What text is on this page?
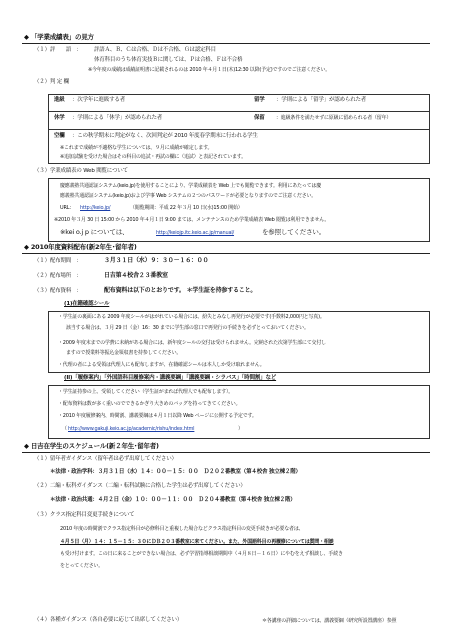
◆ 「学業成績表」の見方
（１）評　　語　： 評語Ａ、Ｂ、Ｃは合格、Ｄは不合格、Ｇは認定科目
体育科目のうち体育実技Ｂに関しては、Ｐは合格、Ｆは不合格
※今年度の成績は成績証明書に記載されるのは 2010 年４月１日(木)12:30 以降(予定)ですのでご注意ください。
（２）判 定 欄
進級 ：次学年に進級する者	留学 ：学則による「留学」が認められた者
休学 ：学則による「休学」が認められた者	保留 ：進級条件を満たせずに原級に留められる者（留年）
空欄 ：この秋学期末に判定がなく、次回判定が 2010 年度春学期末に行われる学生
※これまで成績が不適格な学生については、９月に成績が確定します。
※追加試験を受けた場合はその科目の追試・再試の欄に（追試）と表記されています。
（３）学業成績表の Web 閲覧について
慶應義塾共通認証システム(keio.jp)を使用することにより、学業成績表を Web 上でも閲覧できます。利用にあたっては慶
應義塾共通認証システム(keio.jp)および学事 Web システムの２つのパスワードが必要となりますのでご注意ください。
URL： http://keio.jp/	（閲覧期間：平成 22 年３月 10 日(水)15:00 開始）
※2010 年３月 30 日 15:00 から 2010 年４月１日 9:00 まては、メンテナンスのため学業成績表 Web 閲覧は利用できません。
※kei o.j p については、	http://keiojp.itc.keio.ac.jp/manual/	を参照してください。
◆ 2010年度資料配布(新2年生･留年者)
（１）配布期間　：	３月３１日（水）９：３０－１６：００
（２）配布場所　：	日吉第４校舎２３番教室
（３）配布資料　：	配布資料は以下のとおりです。 ＊学生証を持参すること。
(1)在籍確認シール
・学生証の裏面にある 2009 年度シールがはがれている場合には、紛失とみなし再発行が必要です(手数料2,000円と写真)。
該当する場合は、３月 29 日（金）16：30 までに学生部の窓口で再発行の手続きを必ずとっておいてください。
・2009 年度末までの学費に未納がある場合には、新年度シールの交付は受けられません。完納された次第学生部にて交付し
ますので授業料等振込金領収書を持参してください。
・代理の者による受領は代理人にも配布しますが、在籍確認シールは本人しか受け取れません。
(II)「履修案内」「外国語科目履修案内・講義要綱」「講義要綱・シラバス」「時間割」など
・学生証持参の上、受領してください（学生証がまれば代理人でも配布します）。
・配布資料は数が多く重いのでできるかぎり大きめのバッグを持ってきてください。
・2010 年度履修案内、時間割、講義要綱は４月１日以降 Web ページに公開する予定です。
（ http://www.gakuji.keio.ac.jp/academic/rishu/index.html	）
◆ 日吉在学生のスケジュール(新２年生･留年者)
（１）留年者ガイダンス（留年者は必ず出席してください）
＊法律・政治学科：３月３１日（水）１４：００－１５：００　Ｄ２０２番教室（第４校舎 独立棟２階）
（２）二編・転科ガイダンス（二編・転科試験に合格した学生は必ず出席してください）
＊法律・政治共通：４月２日（金）１０：００－１１：００　Ｄ２０４番教室（第４校舎 独立棟２階）
（３）クラス指定科目変更手続きについて
2010 年度の時間割でクラス指定科目が必修科目と重複した場合などクラス指定科目の変更手続きが必要な者は、
４月５日（月）１４：１５－１５：３０にＤＢ２０３番教室に来てください。また、外国語科目の再履修については質問・相談
も受け付けます。この日に来ることができない場合は、必ず学習指導相談期間中（４月８日－１６日）にやむをえず相談し、手続き
をとってください。
（４）各種ガイダンス（各自必要に応じて出席してください）	＊各講座の詳細については、講義要綱（研究所設置講座）参照
